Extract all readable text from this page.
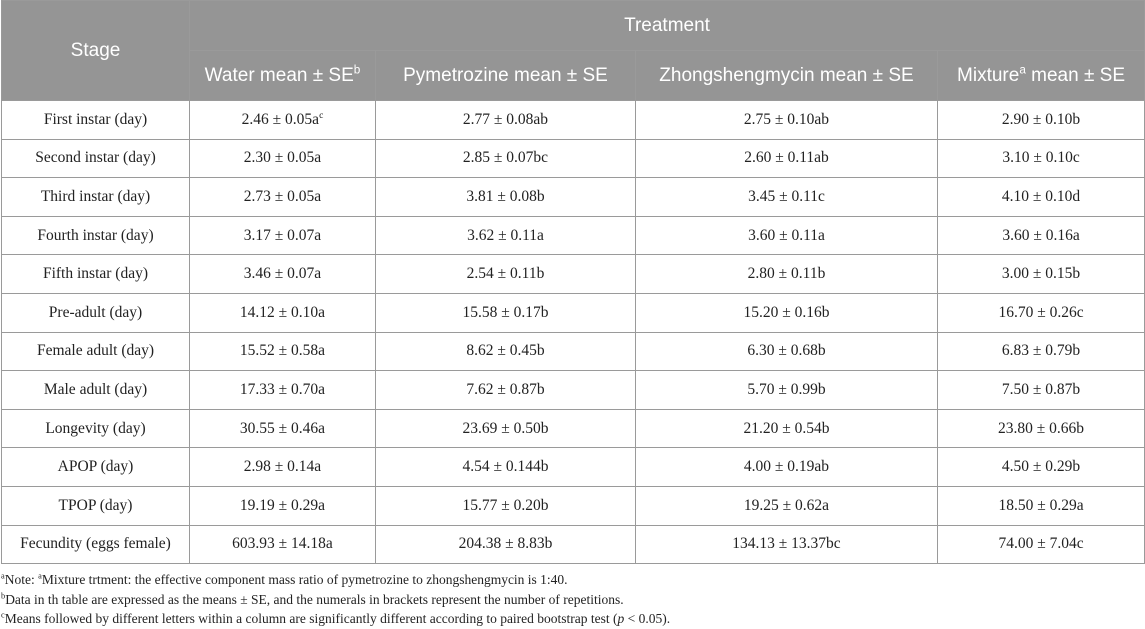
Stage	Treatment			
	Water mean ± $SE^b$	Pymetrozine mean ± SE	Zhongshengmycin mean ± SE	Mixture$^a$ mean ± SE
First instar (day)	$2.46 \pm 0.05a^c$	2.77 ± 0.08ab	2.75 ± 0.10ab	2.90 ± 0.10b
Second instar (day)	2.30 ± 0.05a	2.85 ± 0.07bc	2.60 ± 0.11ab	3.10 ± 0.10c
Third instar (day)	2.73 ± 0.05a	3.81 ± 0.08b	3.45 ± 0.11c	4.10 ± 0.10d
Fourth instar (day)	3.17 ± 0.07a	3.62 ± 0.11a	3.60 ± 0.11a	3.60 ± 0.16a
Fifth instar (day)	3.46 ± 0.07a	2.54 ± 0.11b	2.80 ± 0.11b	3.00 ± 0.15b
Pre-adult (day)	14.12 ± 0.10a	15.58 ± 0.17b	15.20 ± 0.16b	16.70 ± 0.26c
Female adult (day)	15.52 ± 0.58a	8.62 ± 0.45b	6.30 ± 0.68b	6.83 ± 0.79b
Male adult (day)	17.33 ± 0.70a	7.62 ± 0.87b	5.70 ± 0.99b	7.50 ± 0.87b
Longevity (day)	30.55 ± 0.46a	23.69 ± 0.50b	21.20 ± 0.54b	23.80 ± 0.66b
APOP (day)	2.98 ± 0.14a	4.54 ± 0.144b	4.00 ± 0.19ab	4.50 ± 0.29b
TPOP (day)	19.19 ± 0.29a	15.77 ± 0.20b	19.25 ± 0.62a	18.50 ± 0.29a
Fecundity (eggs female)	603.93 ± 14.18a	204.38 ± 8.83b	134.13 ± 13.37bc	74.00 ± 7.04c

$^a$Note: $^a$Mixture trtment: the effective component mass ratio of pymetrozine to zhongshengmycin is 1:40.

$^b$Data in th table are expressed as the means ± SE, and the numerals in brackets represent the number of repetitions.

$^c$Means followed by different letters within a column are significantly different according to paired bootstrap test (p < 0.05).
